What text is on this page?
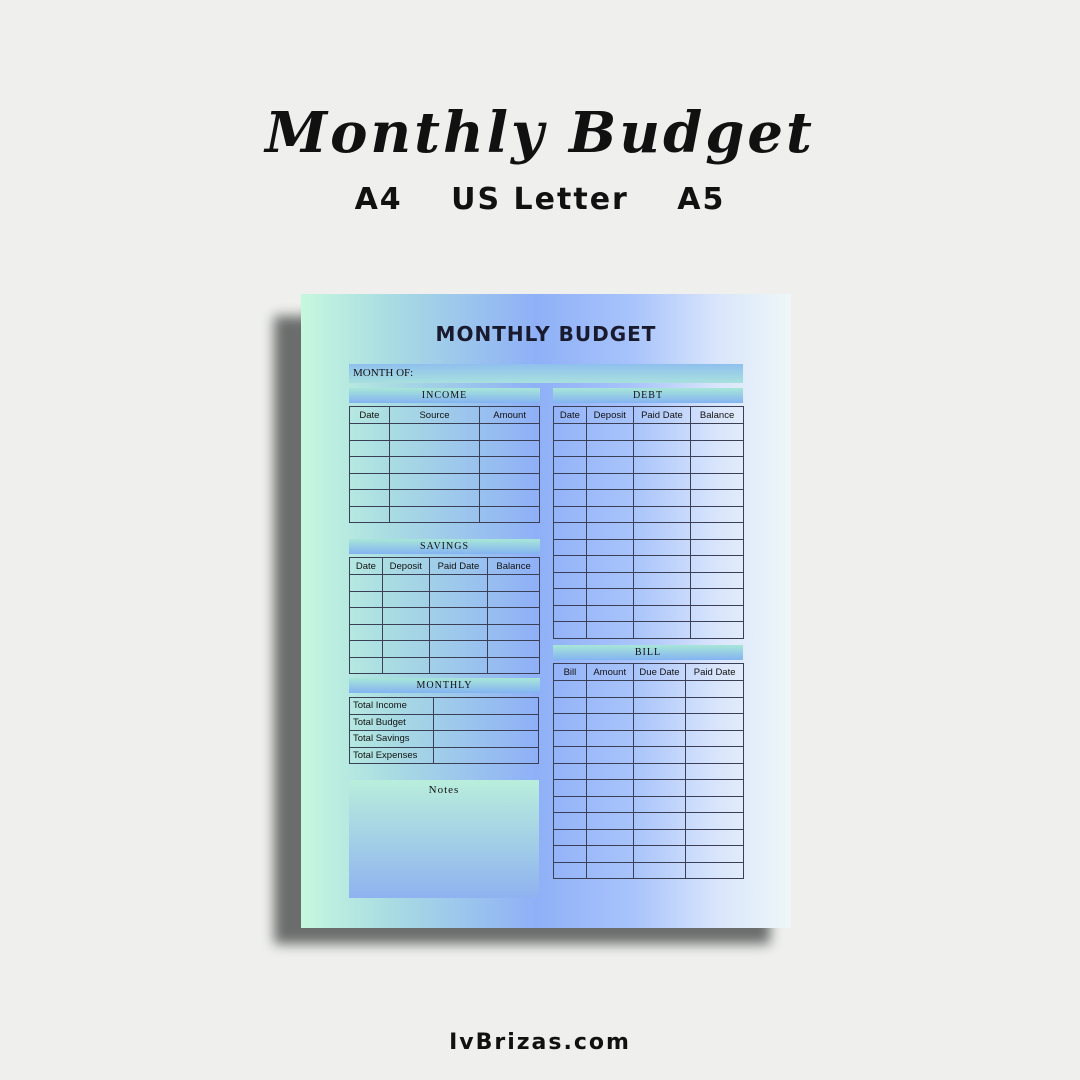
Monthly Budget
A4 US Letter A5
MONTHLY BUDGET
MONTH OF:
INCOME
Date	Source	Amount

SAVINGS
Date	Deposit	Paid Date	Balance

MONTHLY
Total Income	
Total Budget	
Total Savings	
Total Expenses	
Notes
DEBT
Date	Deposit	Paid Date	Balance

BILL
Bill	Amount	Due Date	Paid Date

IvBrizas.com
